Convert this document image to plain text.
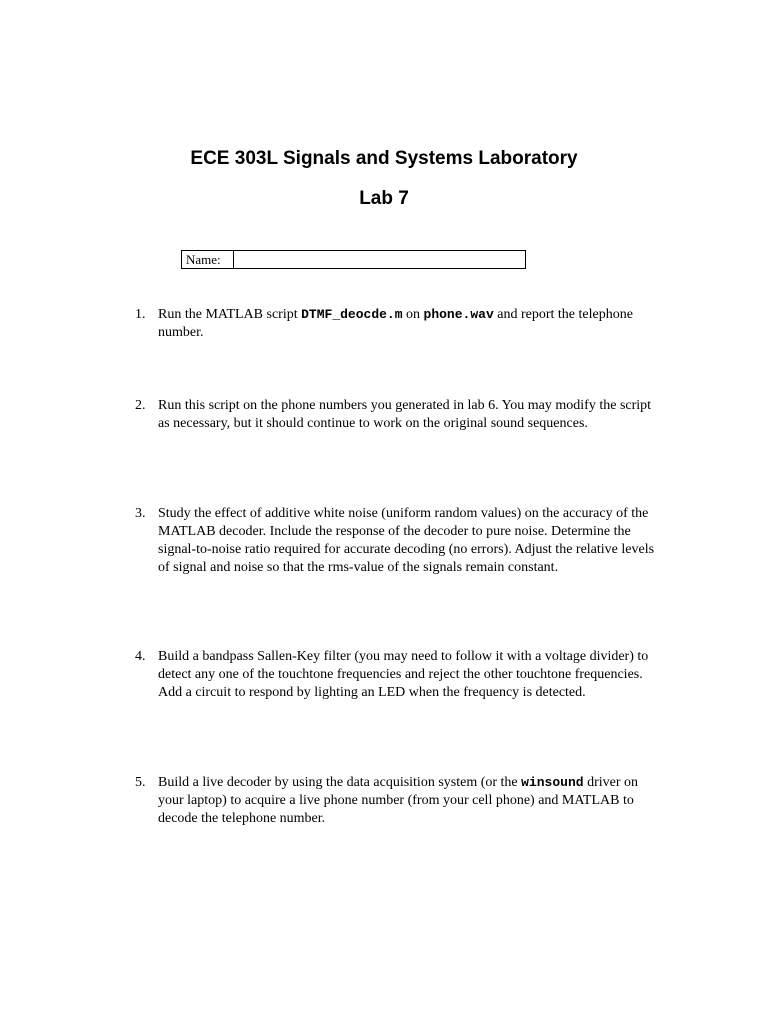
ECE 303L Signals and Systems Laboratory
Lab 7
Name:	
1. Run the MATLAB script DTMF_deocde.m on phone.wav and report the telephone number.
2. Run this script on the phone numbers you generated in lab 6. You may modify the script as necessary, but it should continue to work on the original sound sequences.
3. Study the effect of additive white noise (uniform random values) on the accuracy of the MATLAB decoder. Include the response of the decoder to pure noise. Determine the signal-to-noise ratio required for accurate decoding (no errors). Adjust the relative levels of signal and noise so that the rms-value of the signals remain constant.
4. Build a bandpass Sallen-Key filter (you may need to follow it with a voltage divider) to detect any one of the touchtone frequencies and reject the other touchtone frequencies. Add a circuit to respond by lighting an LED when the frequency is detected.
5. Build a live decoder by using the data acquisition system (or the winsound driver on your laptop) to acquire a live phone number (from your cell phone) and MATLAB to decode the telephone number.
